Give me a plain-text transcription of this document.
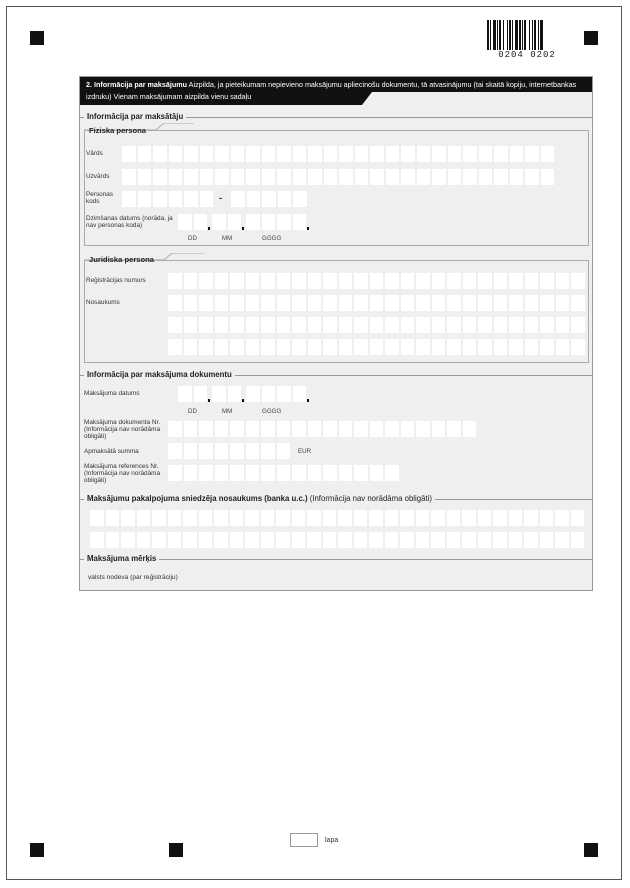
0204 0202
2. Informācija par maksājumu Aizpilda, ja pieteikumam nepievieno maksājumu apliecinošu dokumentu, tā atvasinājumu (tai skaitā kopiju, internetbankas izdruku) Vienam maksājumam aizpilda vienu sadaļu
Informācija par maksātāju
Fiziska persona
Vārds
Uzvārds
Personas kods	-
Dzimšanas datums (norāda, ja nav personas koda)
DD	MM	GGGG
Juridiska persona
Reģistrācijas numurs
Nosaukums
Informācija par maksājuma dokumentu
Maksājuma datums
DD	MM	GGGG
Maksājuma dokumenta Nr. (Informācija nav norādāma obligāti)
Apmaksātā summa	EUR
Maksājuma references Nr. (Informācija nav norādāma obligāti)
Maksājumu pakalpojuma sniedzēja nosaukums (banka u.c.) (Informācija nav norādāma obligāti)
Maksājuma mērķis
valsts nodeva (par reģistrāciju)
lapa
